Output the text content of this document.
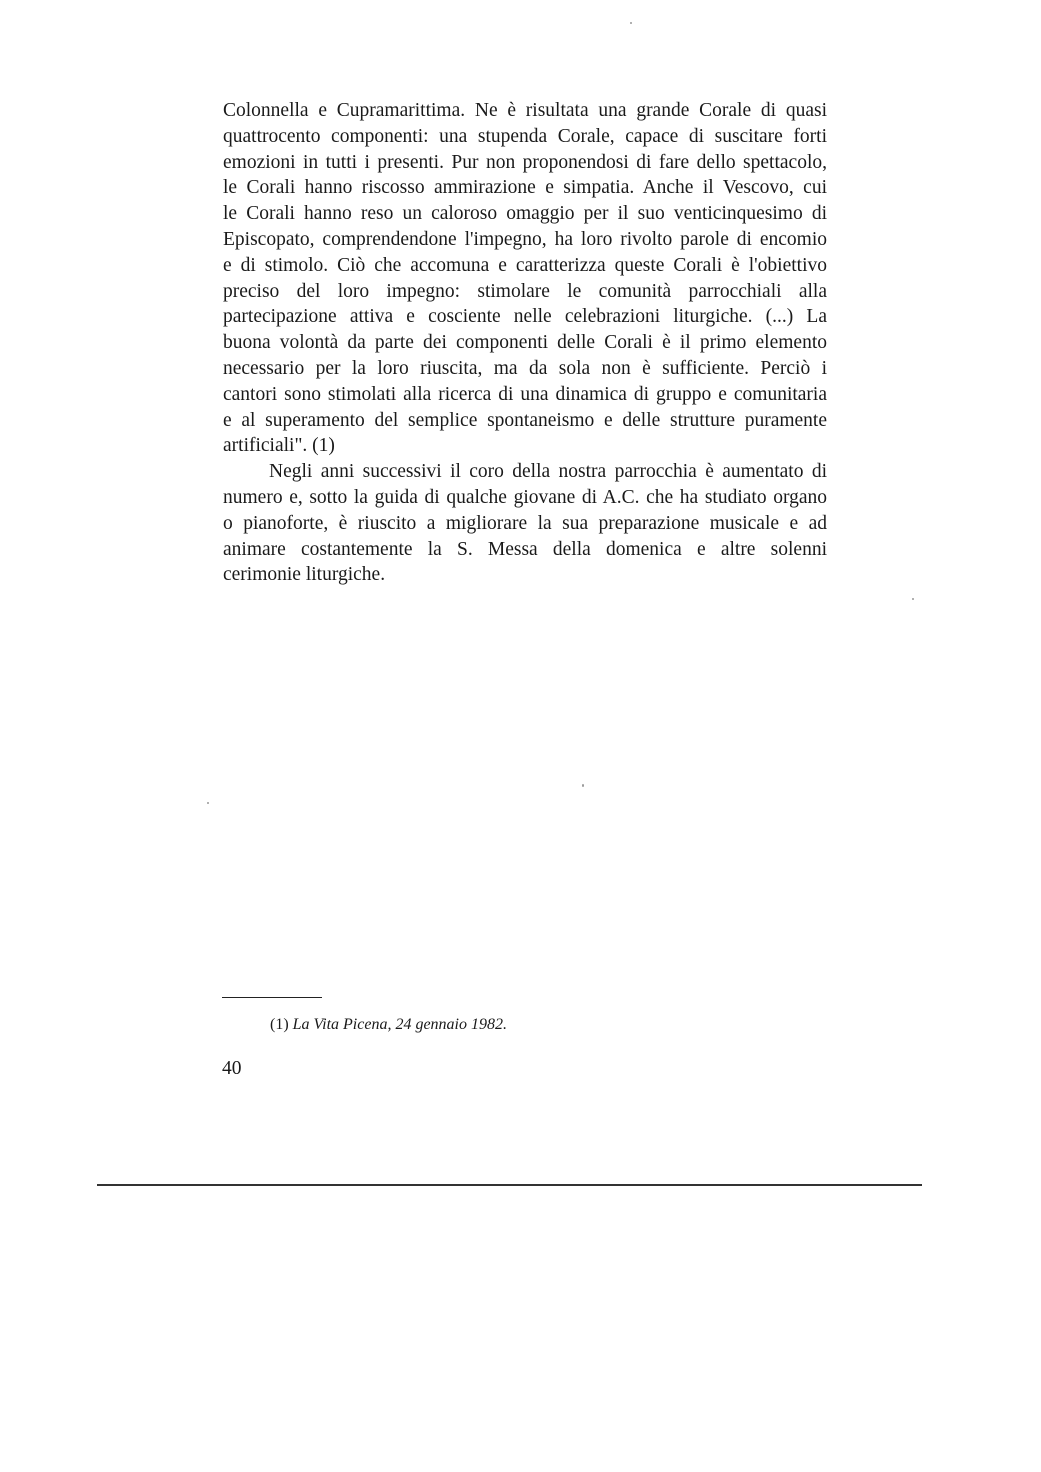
Colonnella e Cupramarittima. Ne è risultata una grande Corale di quasi
quattrocento componenti: una stupenda Corale, capace di suscitare forti
emozioni in tutti i presenti. Pur non proponendosi di fare dello spettacolo,
le Corali hanno riscosso ammirazione e simpatia. Anche il Vescovo, cui
le Corali hanno reso un caloroso omaggio per il suo venticinquesimo di
Episcopato, comprendendone l'impegno, ha loro rivolto parole di encomio
e di stimolo. Ciò che accomuna e caratterizza queste Corali è l'obiettivo
preciso del loro impegno: stimolare le comunità parrocchiali alla
partecipazione attiva e cosciente nelle celebrazioni liturgiche. (...) La
buona volontà da parte dei componenti delle Corali è il primo elemento
necessario per la loro riuscita, ma da sola non è sufficiente. Perciò i
cantori sono stimolati alla ricerca di una dinamica di gruppo e comunitaria
e al superamento del semplice spontaneismo e delle strutture puramente
artificiali". (1)

Negli anni successivi il coro della nostra parrocchia è aumentato di
numero e, sotto la guida di qualche giovane di A.C. che ha studiato organo
o pianoforte, è riuscito a migliorare la sua preparazione musicale e ad
animare costantemente la S. Messa della domenica e altre solenni
cerimonie liturgiche.

(1) La Vita Picena, 24 gennaio 1982.
40
